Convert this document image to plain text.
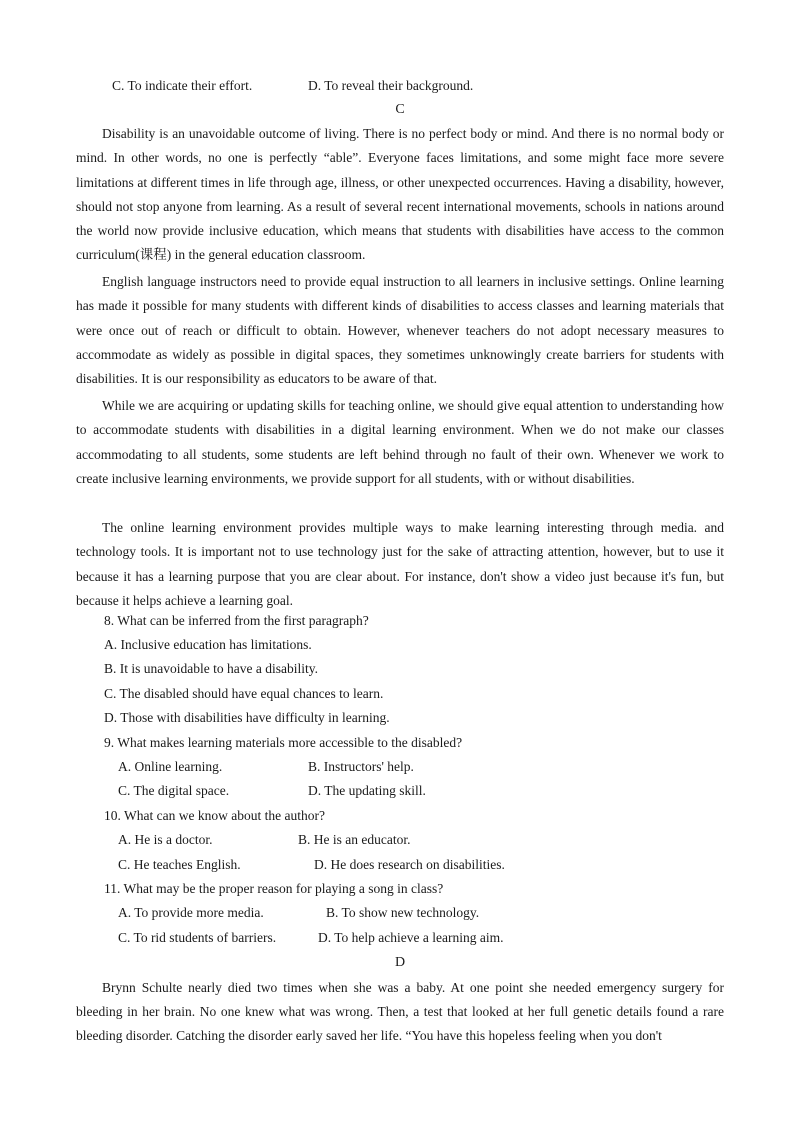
C. To indicate their effort.	D. To reveal their background.
C

Disability is an unavoidable outcome of living. There is no perfect body or mind. And there is no normal body or mind. In other words, no one is perfectly “able”. Everyone faces limitations, and some might face more severe limitations at different times in life through age, illness, or other unexpected occurrences. Having a disability, however, should not stop anyone from learning. As a result of several recent international movements, schools in nations around the world now provide inclusive education, which means that students with disabilities have access to the common curriculum(课程) in the general education classroom.

English language instructors need to provide equal instruction to all learners in inclusive settings. Online learning has made it possible for many students with different kinds of disabilities to access classes and learning materials that were once out of reach or difficult to obtain. However, whenever teachers do not adopt necessary measures to accommodate as widely as possible in digital spaces, they sometimes unknowingly create barriers for students with disabilities. It is our responsibility as educators to be aware of that.

While we are acquiring or updating skills for teaching online, we should give equal attention to understanding how to accommodate students with disabilities in a digital learning environment. When we do not make our classes accommodating to all students, some students are left behind through no fault of their own. Whenever we work to create inclusive learning environments, we provide support for all students, with or without disabilities.

The online learning environment provides multiple ways to make learning interesting through media. and technology tools. It is important not to use technology just for the sake of attracting attention, however, but to use it because it has a learning purpose that you are clear about. For instance, don't show a video just because it's fun, but because it helps achieve a learning goal.

8. What can be inferred from the first paragraph?
A. Inclusive education has limitations.
B. It is unavoidable to have a disability.
C. The disabled should have equal chances to learn.
D. Those with disabilities have difficulty in learning.
9. What makes learning materials more accessible to the disabled?
A. Online learning.	B. Instructors' help.
C. The digital space.	D. The updating skill.
10. What can we know about the author?
A. He is a doctor.	B. He is an educator.
C. He teaches English.	D. He does research on disabilities.
11. What may be the proper reason for playing a song in class?
A. To provide more media.	B. To show new technology.
C. To rid students of barriers.	D. To help achieve a learning aim.
D

Brynn Schulte nearly died two times when she was a baby. At one point she needed emergency surgery for bleeding in her brain. No one knew what was wrong. Then, a test that looked at her full genetic details found a rare bleeding disorder. Catching the disorder early saved her life. “You have this hopeless feeling when you don't
